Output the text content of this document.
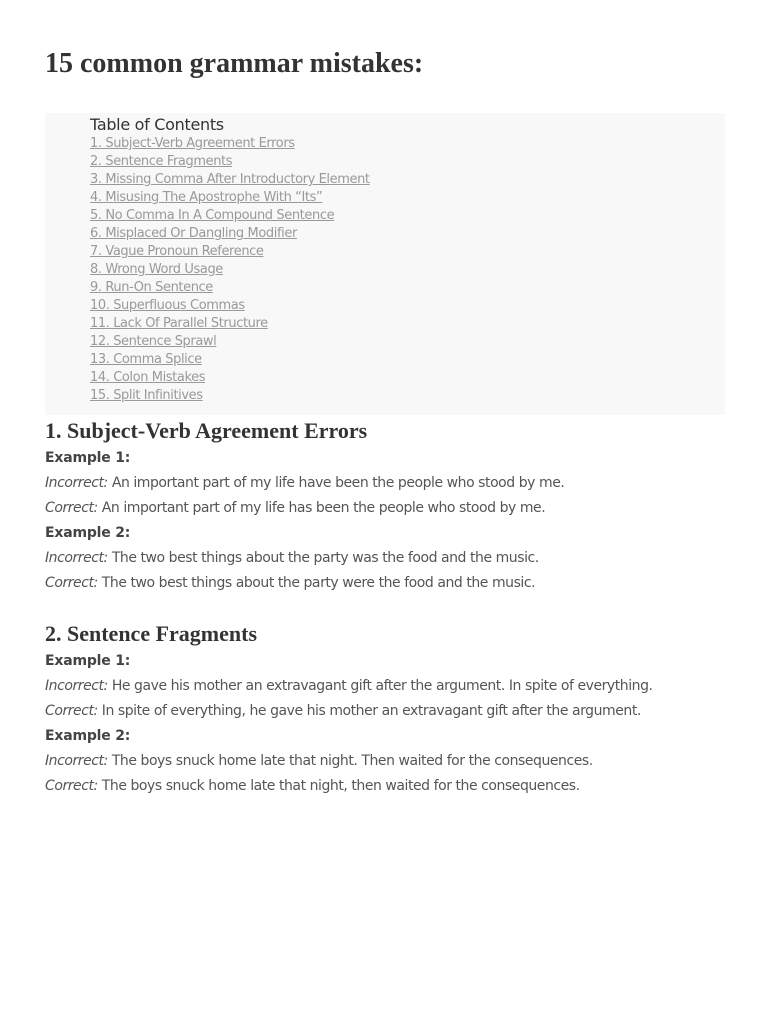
15 common grammar mistakes:
Table of Contents
1. Subject-Verb Agreement Errors
2. Sentence Fragments
3. Missing Comma After Introductory Element
4. Misusing The Apostrophe With “Its”
5. No Comma In A Compound Sentence
6. Misplaced Or Dangling Modifier
7. Vague Pronoun Reference
8. Wrong Word Usage
9. Run-On Sentence
10. Superfluous Commas
11. Lack Of Parallel Structure
12. Sentence Sprawl
13. Comma Splice
14. Colon Mistakes
15. Split Infinitives
1. Subject-Verb Agreement Errors
Example 1:
Incorrect: An important part of my life have been the people who stood by me.
Correct: An important part of my life has been the people who stood by me.
Example 2:
Incorrect: The two best things about the party was the food and the music.
Correct: The two best things about the party were the food and the music.
2. Sentence Fragments
Example 1:
Incorrect: He gave his mother an extravagant gift after the argument. In spite of everything.
Correct: In spite of everything, he gave his mother an extravagant gift after the argument.
Example 2:
Incorrect: The boys snuck home late that night. Then waited for the consequences.
Correct: The boys snuck home late that night, then waited for the consequences.
